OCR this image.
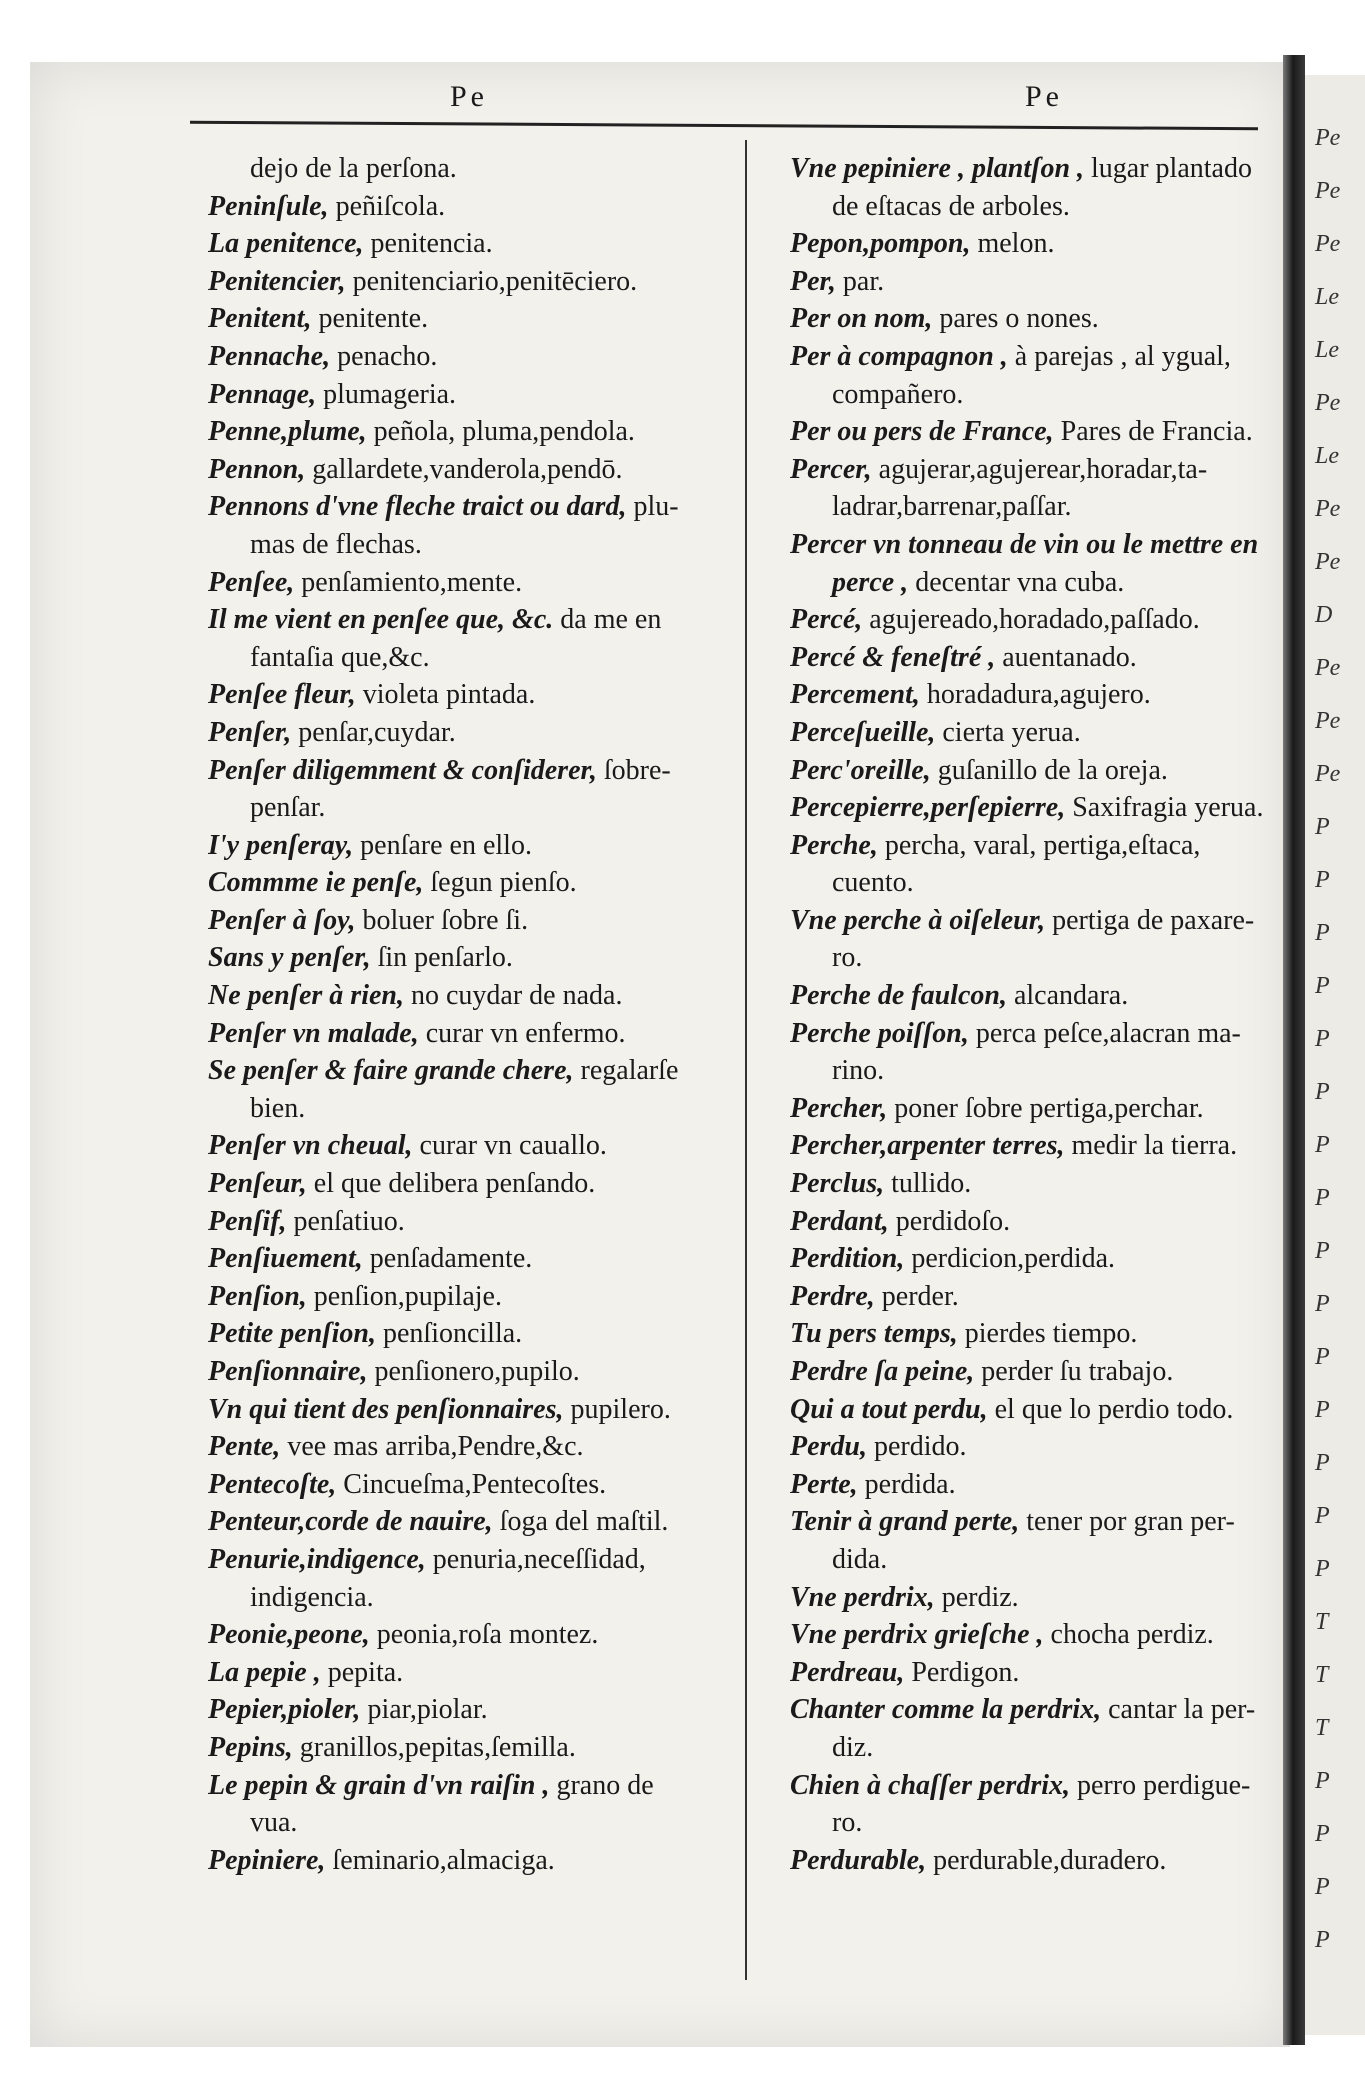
Pe
Pe
Pe
Le
Le
Pe
Le
Pe
Pe
D
Pe
Pe
Pe
P
P
P
P
P
P
P
P
P
P
P
P
P
P
P
T
T
T
P
P
P
P
Pe	Pe
dejo de la perſona.
Peninſule, peñiſcola.
La penitence, penitencia.
Penitencier, penitenciario,penitēciero.
Penitent, penitente.
Pennache, penacho.
Pennage, plumageria.
Penne,plume, peñola, pluma,pendola.
Pennon, gallardete,vanderola,pendō.
Pennons d'vne fleche traict ou dard, plu-
mas de flechas.
Penſee, penſamiento,mente.
Il me vient en penſee que, &c. da me en
fantaſia que,&c.
Penſee fleur, violeta pintada.
Penſer, penſar,cuydar.
Penſer diligemment & conſiderer, ſobre-
penſar.
I'y penſeray, penſare en ello.
Commme ie penſe, ſegun pienſo.
Penſer à ſoy, boluer ſobre ſi.
Sans y penſer, ſin penſarlo.
Ne penſer à rien, no cuydar de nada.
Penſer vn malade, curar vn enfermo.
Se penſer & faire grande chere, regalarſe
bien.
Penſer vn cheual, curar vn cauallo.
Penſeur, el que delibera penſando.
Penſif, penſatiuo.
Penſiuement, penſadamente.
Penſion, penſion,pupilaje.
Petite penſion, penſioncilla.
Penſionnaire, penſionero,pupilo.
Vn qui tient des penſionnaires, pupilero.
Pente, vee mas arriba,Pendre,&c.
Pentecoſte, Cincueſma,Pentecoſtes.
Penteur,corde de nauire, ſoga del maſtil.
Penurie,indigence, penuria,neceſſidad,
indigencia.
Peonie,peone, peonia,roſa montez.
La pepie , pepita.
Pepier,pioler, piar,piolar.
Pepins, granillos,pepitas,ſemilla.
Le pepin & grain d'vn raiſin , grano de
vua.
Pepiniere, ſeminario,almaciga.
Vne pepiniere , plantſon , lugar plantado
de eſtacas de arboles.
Pepon,pompon, melon.
Per, par.
Per on nom, pares o nones.
Per à compagnon , à parejas , al ygual,
compañero.
Per ou pers de France, Pares de Francia.
Percer, agujerar,agujerear,horadar,ta-
ladrar,barrenar,paſſar.
Percer vn tonneau de vin ou le mettre en
perce , decentar vna cuba.
Percé, agujereado,horadado,paſſado.
Percé & feneſtré , auentanado.
Percement, horadadura,agujero.
Perceſueille, cierta yerua.
Perc'oreille, guſanillo de la oreja.
Percepierre,perſepierre, Saxifragia yerua.
Perche, percha, varal, pertiga,eſtaca,
cuento.
Vne perche à oiſeleur, pertiga de paxare-
ro.
Perche de faulcon, alcandara.
Perche poiſſon, perca peſce,alacran ma-
rino.
Percher, poner ſobre pertiga,perchar.
Percher,arpenter terres, medir la tierra.
Perclus, tullido.
Perdant, perdidoſo.
Perdition, perdicion,perdida.
Perdre, perder.
Tu pers temps, pierdes tiempo.
Perdre ſa peine, perder ſu trabajo.
Qui a tout perdu, el que lo perdio todo.
Perdu, perdido.
Perte, perdida.
Tenir à grand perte, tener por gran per-
dida.
Vne perdrix, perdiz.
Vne perdrix grieſche , chocha perdiz.
Perdreau, Perdigon.
Chanter comme la perdrix, cantar la per-
diz.
Chien à chaſſer perdrix, perro perdigue-
ro.
Perdurable, perdurable,duradero.
